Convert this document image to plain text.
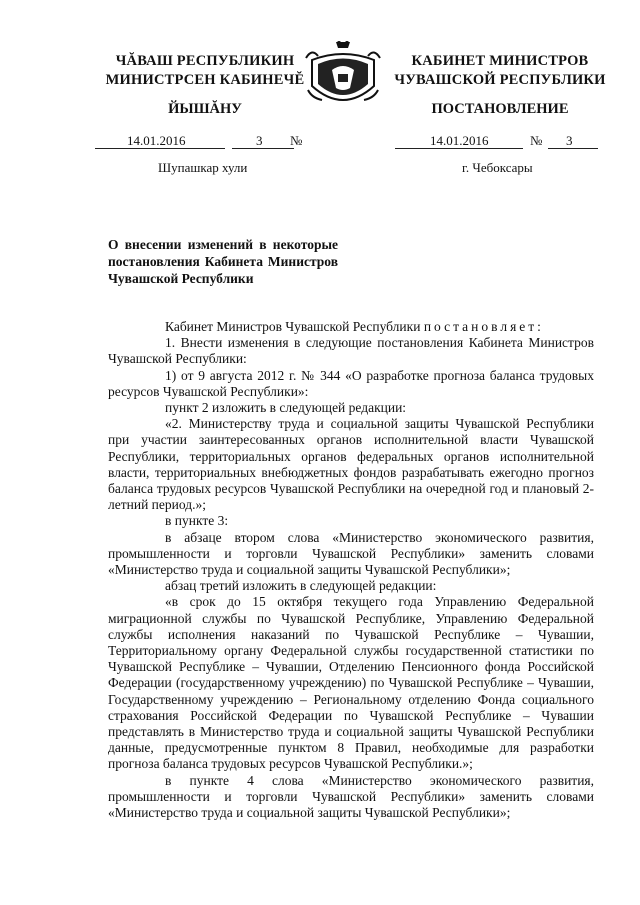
ЧĂВАШ РЕСПУБЛИКИН
МИНИСТРСЕН КАБИНЕЧĔ
КАБИНЕТ МИНИСТРОВ
ЧУВАШСКОЙ РЕСПУБЛИКИ
ЙЫШĂНУ	ПОСТАНОВЛЕНИЕ
14.01.2016	3 №	14.01.2016	№ 3
Шупашкар хули	г. Чебоксары
О внесении изменений в некоторые постановления Кабинета Министров Чувашской Республики

Кабинет Министров Чувашской Республики постановляет:

1. Внести изменения в следующие постановления Кабинета Министров Чувашской Республики:

1) от 9 августа 2012 г. № 344 «О разработке прогноза баланса трудовых ресурсов Чувашской Республики»:

пункт 2 изложить в следующей редакции:

«2. Министерству труда и социальной защиты Чувашской Республики при участии заинтересованных органов исполнительной власти Чувашской Республики, территориальных органов федеральных органов исполнительной власти, территориальных внебюджетных фондов разрабатывать ежегодно прогноз баланса трудовых ресурсов Чувашской Республики на очередной год и плановый 2-летний период.»;

в пункте 3:

в абзаце втором слова «Министерство экономического развития, промышленности и торговли Чувашской Республики» заменить словами «Министерство труда и социальной защиты Чувашской Республики»;

абзац третий изложить в следующей редакции:

«в срок до 15 октября текущего года Управлению Федеральной миграционной службы по Чувашской Республике, Управлению Федеральной службы исполнения наказаний по Чувашской Республике – Чувашии, Территориальному органу Федеральной службы государственной статистики по Чувашской Республике – Чувашии, Отделению Пенсионного фонда Российской Федерации (государственному учреждению) по Чувашской Республике – Чувашии, Государственному учреждению – Региональному отделению Фонда социального страхования Российской Федерации по Чувашской Республике – Чувашии представлять в Министерство труда и социальной защиты Чувашской Республики данные, предусмотренные пунктом 8 Правил, необходимые для разработки прогноза баланса трудовых ресурсов Чувашской Республики.»;

в пункте 4 слова «Министерство экономического развития, промышленности и торговли Чувашской Республики» заменить словами «Министерство труда и социальной защиты Чувашской Республики»;
